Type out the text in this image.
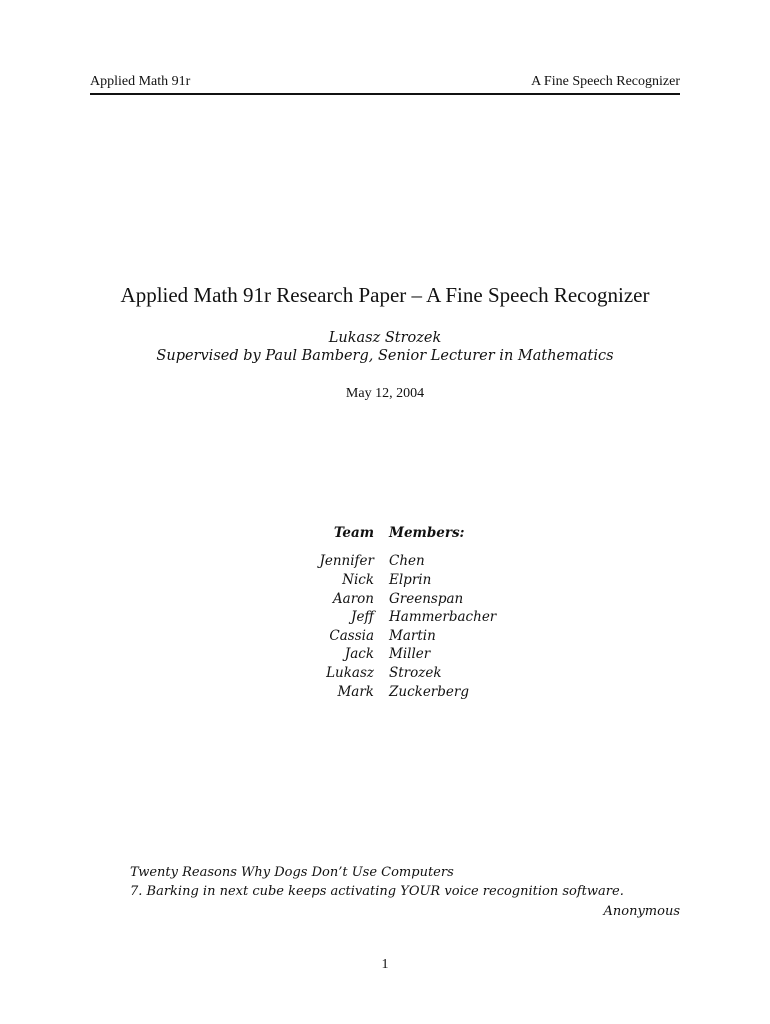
Applied Math 91r	A Fine Speech Recognizer
Applied Math 91r Research Paper – A Fine Speech Recognizer
Lukasz Strozek
Supervised by Paul Bamberg, Senior Lecturer in Mathematics
May 12, 2004
Team Members:
Jennifer Chen
Nick Elprin
Aaron Greenspan
Jeff Hammerbacher
Cassia Martin
Jack Miller
Lukasz Strozek
Mark Zuckerberg
Twenty Reasons Why Dogs Don’t Use Computers
7. Barking in next cube keeps activating YOUR voice recognition software.
Anonymous
1
